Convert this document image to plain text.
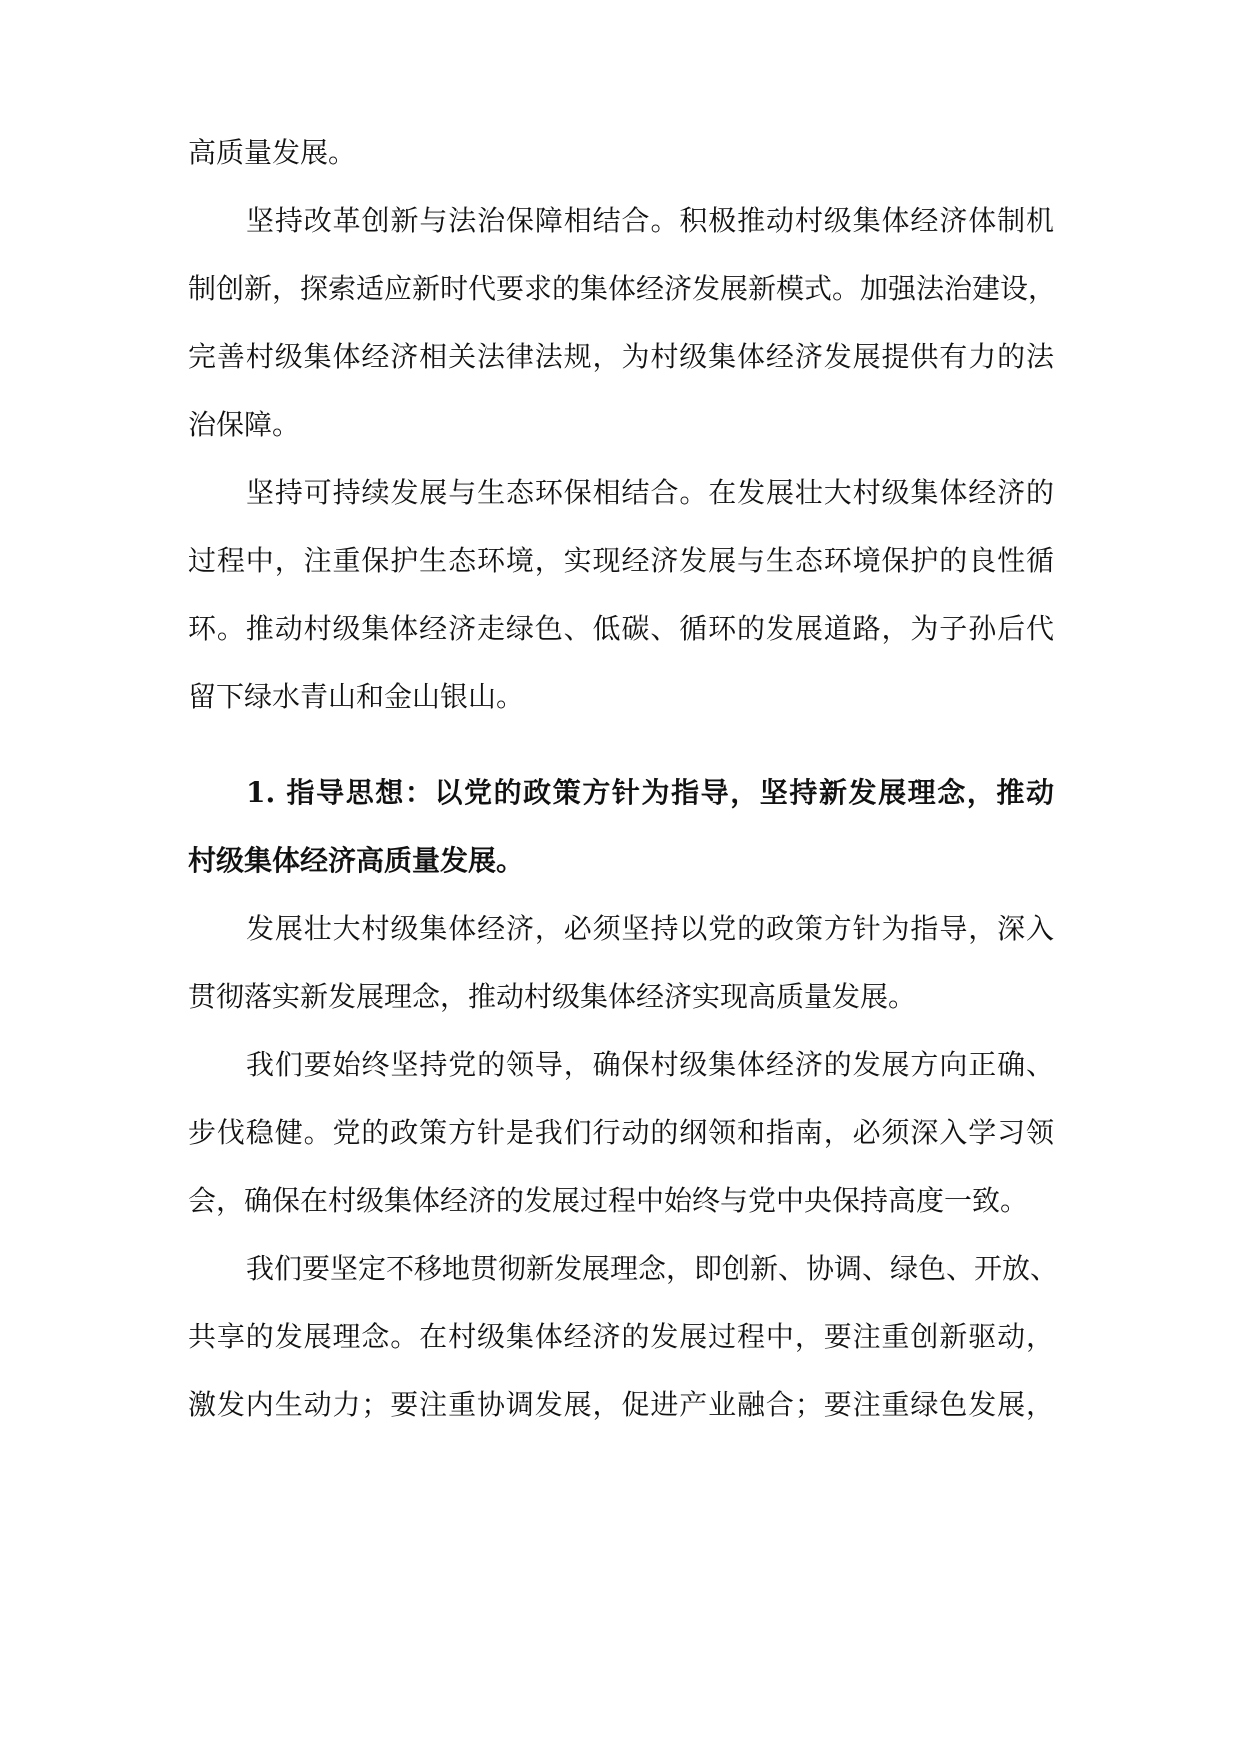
高质量发展。
坚持改革创新与法治保障相结合。积极推动村级集体经济体制机
制创新，探索适应新时代要求的集体经济发展新模式。加强法治建设，
完善村级集体经济相关法律法规，为村级集体经济发展提供有力的法
治保障。
坚持可持续发展与生态环保相结合。在发展壮大村级集体经济的
过程中，注重保护生态环境，实现经济发展与生态环境保护的良性循
环。推动村级集体经济走绿色、低碳、循环的发展道路，为子孙后代
留下绿水青山和金山银山。
1. 指导思想：以党的政策方针为指导，坚持新发展理念，推动
村级集体经济高质量发展。
发展壮大村级集体经济，必须坚持以党的政策方针为指导，深入
贯彻落实新发展理念，推动村级集体经济实现高质量发展。
我们要始终坚持党的领导，确保村级集体经济的发展方向正确、
步伐稳健。党的政策方针是我们行动的纲领和指南，必须深入学习领
会，确保在村级集体经济的发展过程中始终与党中央保持高度一致。
我们要坚定不移地贯彻新发展理念，即创新、协调、绿色、开放、
共享的发展理念。在村级集体经济的发展过程中，要注重创新驱动，
激发内生动力；要注重协调发展，促进产业融合；要注重绿色发展，
